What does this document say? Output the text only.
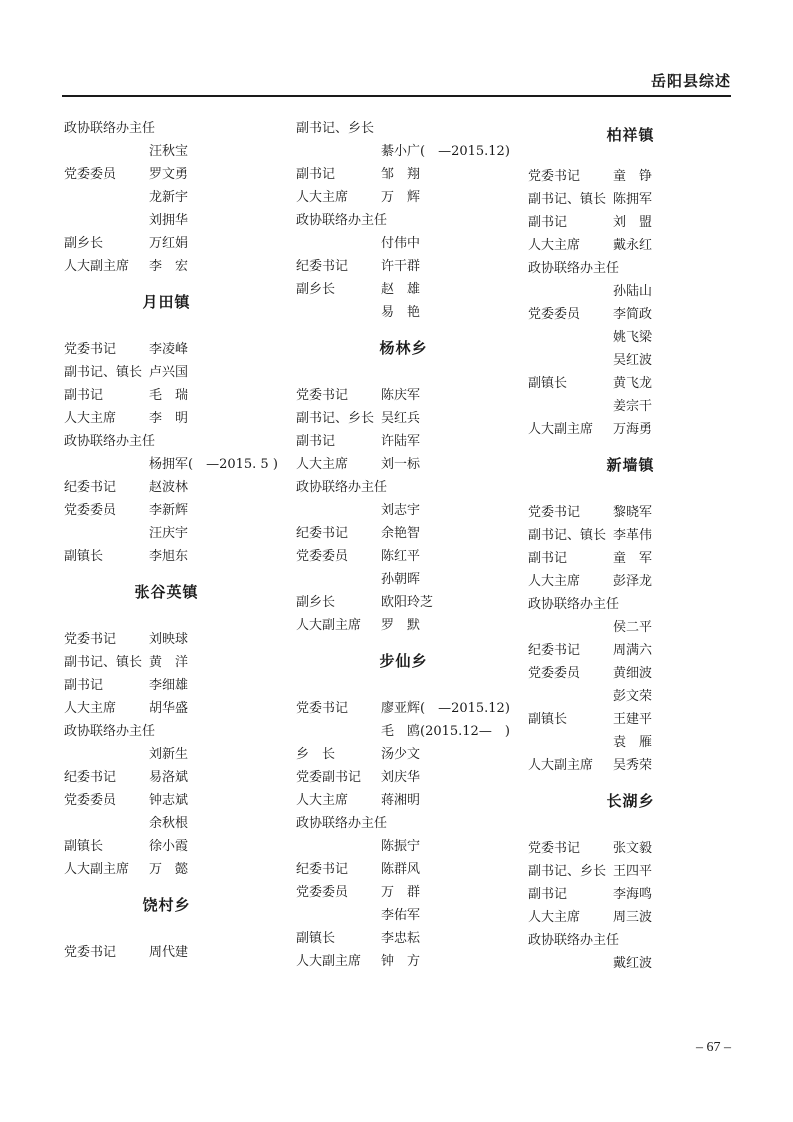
岳阳县综述
政协联络办主任
汪秋宝
党委委员	罗文勇
龙新宇
刘拥华
副乡长	万红娟
人大副主席 李　宏
月田镇
党委书记	李凌峰
副书记、镇长 卢兴国
副书记	毛　瑞
人大主席	李　明
政协联络办主任
杨拥军(　—2015. 5 )
纪委书记	赵波林
党委委员	李新辉
汪庆宇
副镇长	李旭东
张谷英镇
党委书记	刘映球
副书记、镇长 黄　洋
副书记	李细雄
人大主席	胡华盛
政协联络办主任
刘新生
纪委书记	易洛斌
党委委员	钟志斌
余秋根
副镇长	徐小霞
人大副主席 万　懿
饶村乡
党委书记	周代建
副书记、乡长
綦小广(　—2015.12)
副书记	邹　翔
人大主席	万　辉
政协联络办主任
付伟中
纪委书记	许干群
副乡长	赵　雄
易　艳
杨林乡
党委书记	陈庆军
副书记、乡长 吴红兵
副书记	许陆军
人大主席	刘一标
政协联络办主任
刘志宇
纪委书记	余艳智
党委委员	陈红平
孙朝晖
副乡长	欧阳玲芝
人大副主席 罗　默
步仙乡
党委书记	廖亚辉(　—2015.12)
毛　鸥(2015.12—　)
乡　长	汤少文
党委副书记 刘庆华
人大主席	蒋湘明
政协联络办主任
陈振宁
纪委书记	陈群风
党委委员	万　群
李佑军
副镇长	李忠耘
人大副主席 钟　方
柏祥镇
党委书记	童　铮
副书记、镇长 陈拥军
副书记	刘　盟
人大主席	戴永红
政协联络办主任
孙陆山
党委委员	李简政
姚飞梁
吴红波
副镇长	黄飞龙
姜宗干
人大副主席 万海勇
新墙镇
党委书记	黎晓军
副书记、镇长 李革伟
副书记	童　军
人大主席	彭泽龙
政协联络办主任
侯二平
纪委书记	周满六
党委委员	黄细波
彭文荣
副镇长	王建平
袁　雁
人大副主席 吴秀荣
长湖乡
党委书记	张文毅
副书记、乡长 王四平
副书记	李海鸣
人大主席	周三波
政协联络办主任
戴红波
– 67 –
